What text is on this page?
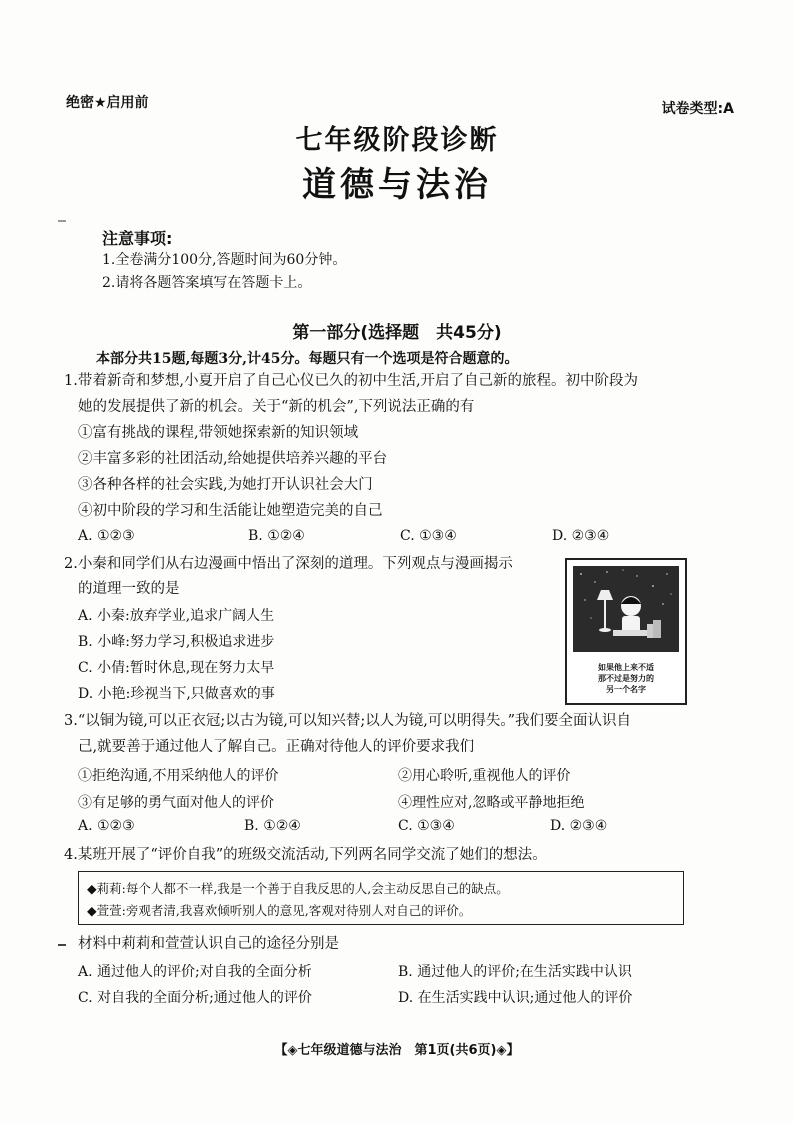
绝密★启用前	试卷类型:A
七年级阶段诊断
道德与法治
注意事项:
1.全卷满分100分,答题时间为60分钟。
2.请将各题答案填写在答题卡上。
第一部分(选择题　共45分)
本部分共15题,每题3分,计45分。每题只有一个选项是符合题意的。
1.带着新奇和梦想,小夏开启了自己心仪已久的初中生活,开启了自己新的旅程。初中阶段为
她的发展提供了新的机会。关于“新的机会”,下列说法正确的有
①富有挑战的课程,带领她探索新的知识领域
②丰富多彩的社团活动,给她提供培养兴趣的平台
③各种各样的社会实践,为她打开认识社会大门
④初中阶段的学习和生活能让她塑造完美的自己
A. ①②③	B. ①②④	C. ①③④	D. ②③④
2.小秦和同学们从右边漫画中悟出了深刻的道理。下列观点与漫画揭示
的道理一致的是
A. 小秦:放弃学业,追求广阔人生
B. 小峰:努力学习,积极追求进步
C. 小倩:暂时休息,现在努力太早
D. 小艳:珍视当下,只做喜欢的事
如果他上来不适
那不过是努力的
另一个名字
3.“以铜为镜,可以正衣冠;以古为镜,可以知兴替;以人为镜,可以明得失。”我们要全面认识自
己,就要善于通过他人了解自己。正确对待他人的评价要求我们
①拒绝沟通,不用采纳他人的评价	②用心聆听,重视他人的评价
③有足够的勇气面对他人的评价	④理性应对,忽略或平静地拒绝
A. ①②③	B. ①②④	C. ①③④	D. ②③④
4.某班开展了“评价自我”的班级交流活动,下列两名同学交流了她们的想法。
◆莉莉:每个人都不一样,我是一个善于自我反思的人,会主动反思自己的缺点。
◆萱萱:旁观者清,我喜欢倾听别人的意见,客观对待别人对自己的评价。
材料中莉莉和萱萱认识自己的途径分别是
A. 通过他人的评价;对自我的全面分析	B. 通过他人的评价;在生活实践中认识
C. 对自我的全面分析;通过他人的评价	D. 在生活实践中认识;通过他人的评价
【◈七年级道德与法治　第1页(共6页)◈】
